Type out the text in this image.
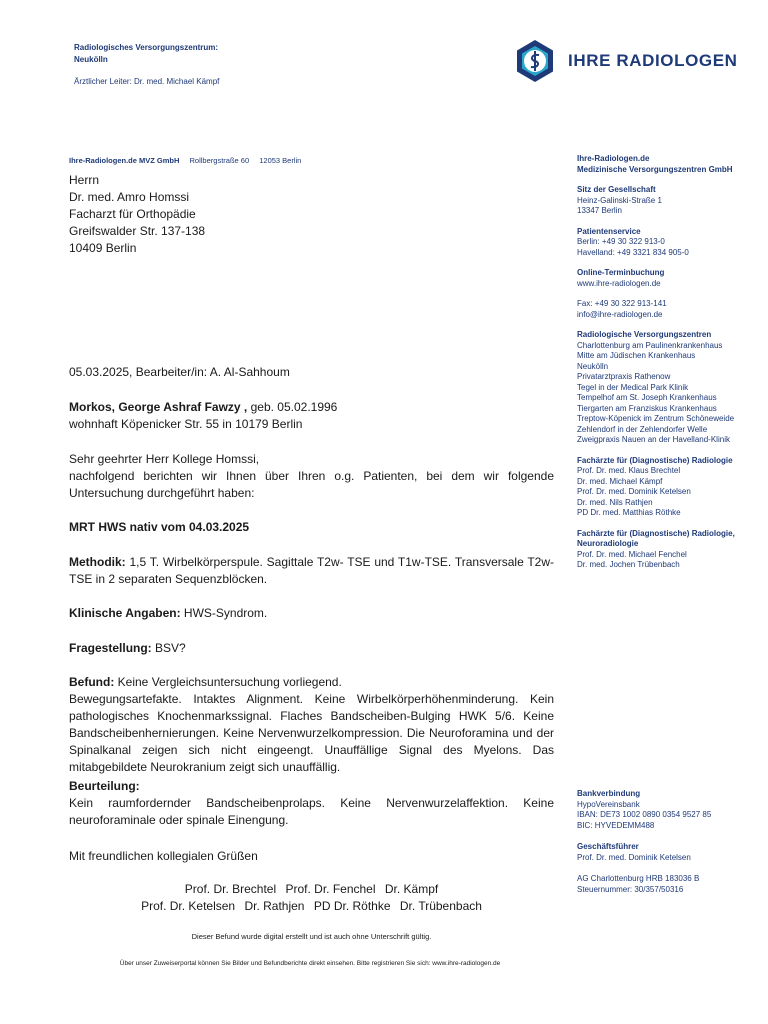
Radiologisches Versorgungszentrum:
Neukölln
Ärztlicher Leiter: Dr. med. Michael Kämpf
IHRE RADIOLOGEN
Ihre-Radiologen.de MVZ GmbH Rollbergstraße 60 12053 Berlin
Herrn
Dr. med. Amro Homssi
Facharzt für Orthopädie
Greifswalder Str. 137-138
10409 Berlin
05.03.2025, Bearbeiter/in: A. Al-Sahhoum
Morkos, George Ashraf Fawzy , geb. 05.02.1996
wohnhaft Köpenicker Str. 55 in 10179 Berlin
Sehr geehrter Herr Kollege Homssi,
nachfolgend berichten wir Ihnen über Ihren o.g. Patienten, bei dem wir folgende Untersuchung durchgeführt haben:
MRT HWS nativ vom 04.03.2025
Methodik: 1,5 T. Wirbelkörperspule. Sagittale T2w- TSE und T1w-TSE. Transversale T2w-TSE in 2 separaten Sequenzblöcken.
Klinische Angaben: HWS-Syndrom.
Fragestellung: BSV?
Befund: Keine Vergleichsuntersuchung vorliegend.
Bewegungsartefakte. Intaktes Alignment. Keine Wirbelkörperhöhenminderung. Kein pathologisches Knochenmarkssignal. Flaches Bandscheiben-Bulging HWK 5/6. Keine Bandscheibenhernierungen. Keine Nervenwurzelkompression. Die Neuroforamina und der Spinalkanal zeigen sich nicht eingeengt. Unauffällige Signal des Myelons. Das mitabgebildete Neurokranium zeigt sich unauffällig.
Beurteilung:
Kein raumfordernder Bandscheibenprolaps. Keine Nervenwurzelaffektion. Keine neuroforaminale oder spinale Einengung.
Mit freundlichen kollegialen Grüßen
Prof. Dr. Brechtel Prof. Dr. Fenchel Dr. Kämpf
Prof. Dr. Ketelsen Dr. Rathjen PD Dr. Röthke Dr. Trübenbach
Dieser Befund wurde digital erstellt und ist auch ohne Unterschrift gültig.
Über unser Zuweiserportal können Sie Bilder und Befundberichte direkt einsehen. Bitte registrieren Sie sich: www.ihre-radiologen.de
Ihre-Radiologen.de
Medizinische Versorgungszentren GmbH
Sitz der Gesellschaft
Heinz-Galinski-Straße 1
13347 Berlin
Patientenservice
Berlin: +49 30 322 913-0
Havelland: +49 3321 834 905-0
Online-Terminbuchung
www.ihre-radiologen.de
Fax: +49 30 322 913-141
info@ihre-radiologen.de
Radiologische Versorgungszentren
Charlottenburg am Paulinenkrankenhaus
Mitte am Jüdischen Krankenhaus
Neukölln
Privatarztpraxis Rathenow
Tegel in der Medical Park Klinik
Tempelhof am St. Joseph Krankenhaus
Tiergarten am Franziskus Krankenhaus
Treptow-Köpenick im Zentrum Schöneweide
Zehlendorf in der Zehlendorfer Welle
Zweigpraxis Nauen an der Havelland-Klinik
Fachärzte für (Diagnostische) Radiologie
Prof. Dr. med. Klaus Brechtel
Dr. med. Michael Kämpf
Prof. Dr. med. Dominik Ketelsen
Dr. med. Nils Rathjen
PD Dr. med. Matthias Röthke
Fachärzte für (Diagnostische) Radiologie,
Neuroradiologie
Prof. Dr. med. Michael Fenchel
Dr. med. Jochen Trübenbach
Bankverbindung
HypoVereinsbank
IBAN: DE73 1002 0890 0354 9527 85
BIC: HYVEDEMM488
Geschäftsführer
Prof. Dr. med. Dominik Ketelsen
AG Charlottenburg HRB 183036 B
Steuernummer: 30/357/50316
